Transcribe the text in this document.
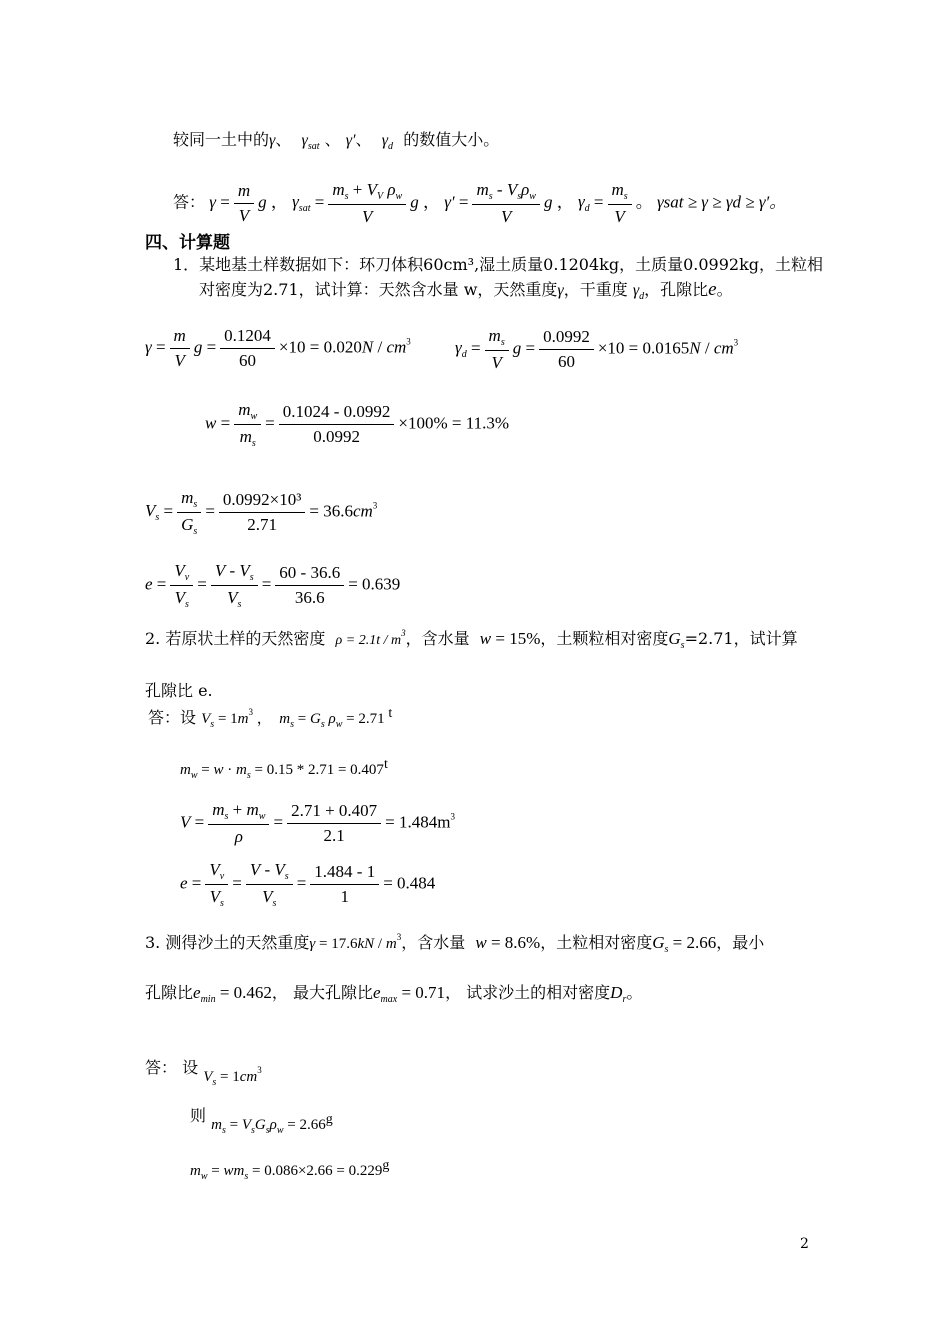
较同一土中的γ、 $\gamma_{sat}$ 、 γ′、 $\gamma_d$ 的数值大小。
答： $\gamma = \frac{m}{V}$ g ， $\gamma_{sat} = \frac{m_s + V_V \rho_w}{V}$ g ， $\gamma' = \frac{m_s - V_s\rho_w}{V}$ g ， $\gamma_d = \frac{m_s}{V}$ 。 γsat ≥ γ ≥ γd ≥ γ′。
四、计算题
1．某地基土样数据如下：环刀体积60cm³,湿土质量0.1204kg，土质量0.0992kg，土粒相
对密度为2.71，试计算：天然含水量 w，天然重度γ，干重度 $\gamma_d$，孔隙比e。
$\gamma = \frac{m}{V}$ $g = \frac{0.1204}{60} \times 10 = 0.020N / cm^3$	$\gamma_d = \frac{m_s}{V}$ $g = \frac{0.0992}{60} \times 10 = 0.0165N / cm^3$
$w = \frac{m_w}{m_s} = \frac{0.1024 - 0.0992}{0.0992} \times 100\% = 11.3\%$
$V_s = \frac{m_s}{G_s} = \frac{\text{0.0992×10³}}{2.71} = 36.6cm^3$
$e = \frac{V_v}{V_s} = \frac{V - V_s}{V_s} = \frac{60 - 36.6}{36.6} = 0.639$
2. 若原状土样的天然密度 $\rho = 2.1t / m^3$，含水量 w = 15%，土颗粒相对密度$G_s=2.71$，试计算
孔隙比 e.
答：设 $V_s = 1m^3$ ，  $m_s = G_s$ $\rho_w = 2.71$ t
$m_w = w \cdot m_s = 0.15 * 2.71 = 0.407t$
$V = \frac{m_s + m_w}{\rho} = \frac{2.71 + 0.407}{2.1} = 1.484m^3$
$e = \frac{V_v}{V_s} = \frac{V - V_s}{V_s} = \frac{1.484 - 1}{1} = 0.484$
3. 测得沙土的天然重度$\gamma = 17.6kN / m^3$，含水量 w = 8.6%，土粒相对密度$G_s = 2.66$，最小
孔隙比$e_{min} = 0.462$， 最大孔隙比$e_{max} = 0.71$， 试求沙土的相对密度$D_r$。
答： 设 $V_s = 1cm^3$
则 $m_s = V_sG_s\rho_w = 2.66g$
$m_w = wm_s = 0.086\times 2.66 = 0.229g$
2
